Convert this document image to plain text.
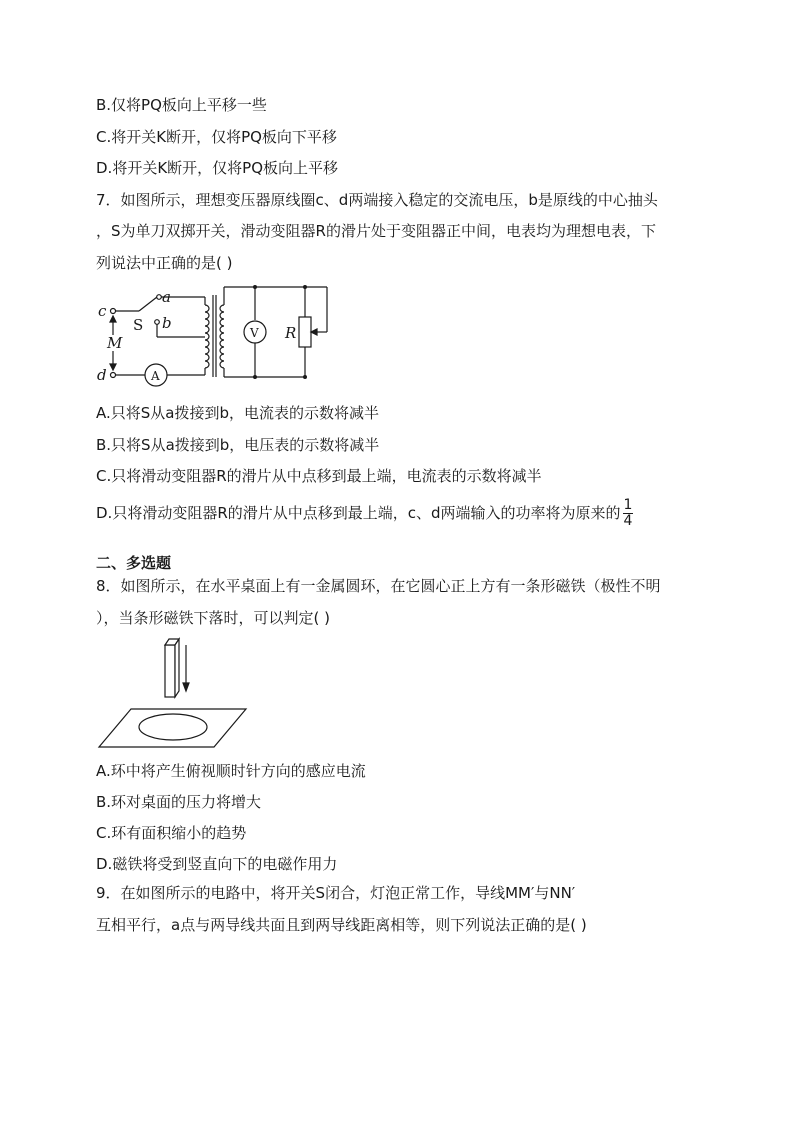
B.仅将PQ板向上平移一些
C.将开关K断开，仅将PQ板向下平移
D.将开关K断开，仅将PQ板向上平移
7．如图所示，理想变压器原线圈c、d两端接入稳定的交流电压，b是原线的中心抽头
，S为单刀双掷开关，滑动变阻器R的滑片处于变阻器正中间，电表均为理想电表，下
列说法中正确的是( )
c
a
S b
M
d	A
V R
A.只将S从a拨接到b，电流表的示数将减半
B.只将S从a拨接到b，电压表的示数将减半
C.只将滑动变阻器R的滑片从中点移到最上端，电流表的示数将减半
D.只将滑动变阻器R的滑片从中点移到最上端，c、d两端输入的功率将为原来的 $\frac{1}{4}$
二、多选题
8．如图所示，在水平桌面上有一金属圆环，在它圆心正上方有一条形磁铁（极性不明
），当条形磁铁下落时，可以判定( )
A.环中将产生俯视顺时针方向的感应电流
B.环对桌面的压力将增大
C.环有面积缩小的趋势
D.磁铁将受到竖直向下的电磁作用力
9．在如图所示的电路中，将开关S闭合，灯泡正常工作，导线MM′与NN′
互相平行，a点与两导线共面且到两导线距离相等，则下列说法正确的是( )
